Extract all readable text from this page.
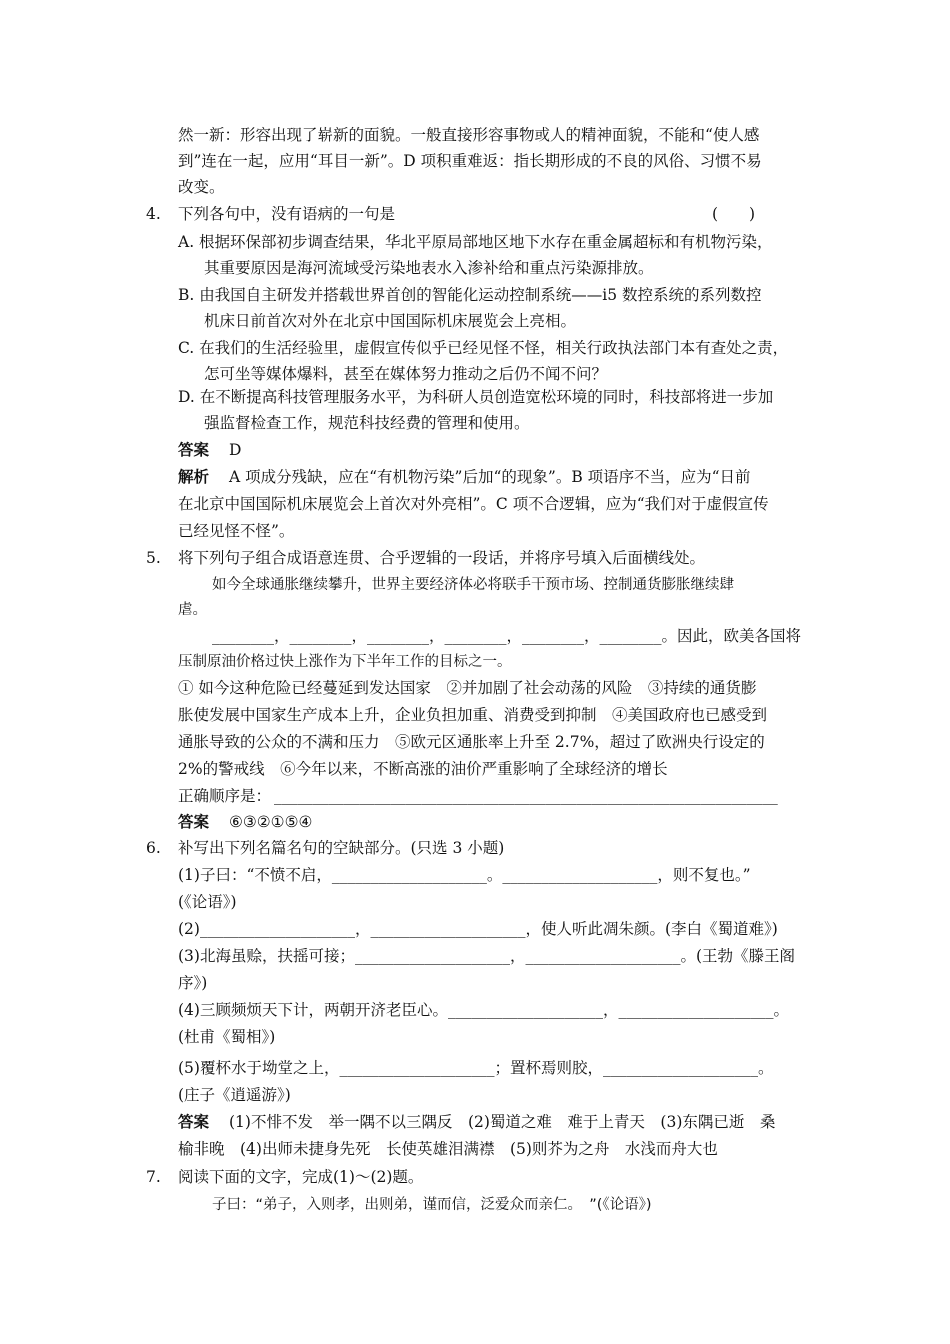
然一新：形容出现了崭新的面貌。一般直接形容事物或人的精神面貌，不能和“使人感
到”连在一起，应用“耳目一新”。D 项积重难返：指长期形成的不良的风俗、习惯不易
改变。
4. 下列各句中，没有语病的一句是	(　　)
A. 根据环保部初步调查结果，华北平原局部地区地下水存在重金属超标和有机物污染，
其重要原因是海河流域受污染地表水入渗补给和重点污染源排放。
B. 由我国自主研发并搭载世界首创的智能化运动控制系统——i5 数控系统的系列数控
机床日前首次对外在北京中国国际机床展览会上亮相。
C. 在我们的生活经验里，虚假宣传似乎已经见怪不怪，相关行政执法部门本有查处之责，
怎可坐等媒体爆料，甚至在媒体努力推动之后仍不闻不问？
D. 在不断提高科技管理服务水平，为科研人员创造宽松环境的同时，科技部将进一步加
强监督检查工作，规范科技经费的管理和使用。
答案 D
解析 A 项成分残缺，应在“有机物污染”后加“的现象”。B 项语序不当，应为“日前
在北京中国国际机床展览会上首次对外亮相”。C 项不合逻辑，应为“我们对于虚假宣传
已经见怪不怪”。
5. 将下列句子组合成语意连贯、合乎逻辑的一段话，并将序号填入后面横线处。
如今全球通胀继续攀升，世界主要经济体必将联手干预市场、控制通货膨胀继续肆
虐。
________，________，________，________，________，________。因此，欧美各国将
压制原油价格过快上涨作为下半年工作的目标之一。
① 如今这种危险已经蔓延到发达国家　②并加剧了社会动荡的风险　③持续的通货膨
胀使发展中国家生产成本上升，企业负担加重、消费受到抑制　④美国政府也已感受到
通胀导致的公众的不满和压力　⑤欧元区通胀率上升至 2.7%，超过了欧洲央行设定的
2%的警戒线　⑥今年以来，不断高涨的油价严重影响了全球经济的增长
正确顺序是： _________________________________________________________________
答案 ⑥③②①⑤④
6. 补写出下列名篇名句的空缺部分。(只选 3 小题)
(1)子曰：“不愤不启，____________________。____________________，则不复也。”
(《论语》)
(2)____________________，____________________，使人听此凋朱颜。(李白《蜀道难》)
(3)北海虽赊，扶摇可接；____________________，____________________。(王勃《滕王阁
序》)
(4)三顾频烦天下计，两朝开济老臣心。____________________，____________________。
(杜甫《蜀相》)
(5)覆杯水于坳堂之上，____________________；置杯焉则胶，____________________。
(庄子《逍遥游》)
答案 (1)不悱不发　举一隅不以三隅反　(2)蜀道之难　难于上青天　(3)东隅已逝　桑
榆非晚　(4)出师未捷身先死　长使英雄泪满襟　(5)则芥为之舟　水浅而舟大也
7. 阅读下面的文字，完成(1)～(2)题。
子曰：“弟子，入则孝，出则弟，谨而信，泛爱众而亲仁。　”(《论语》)
